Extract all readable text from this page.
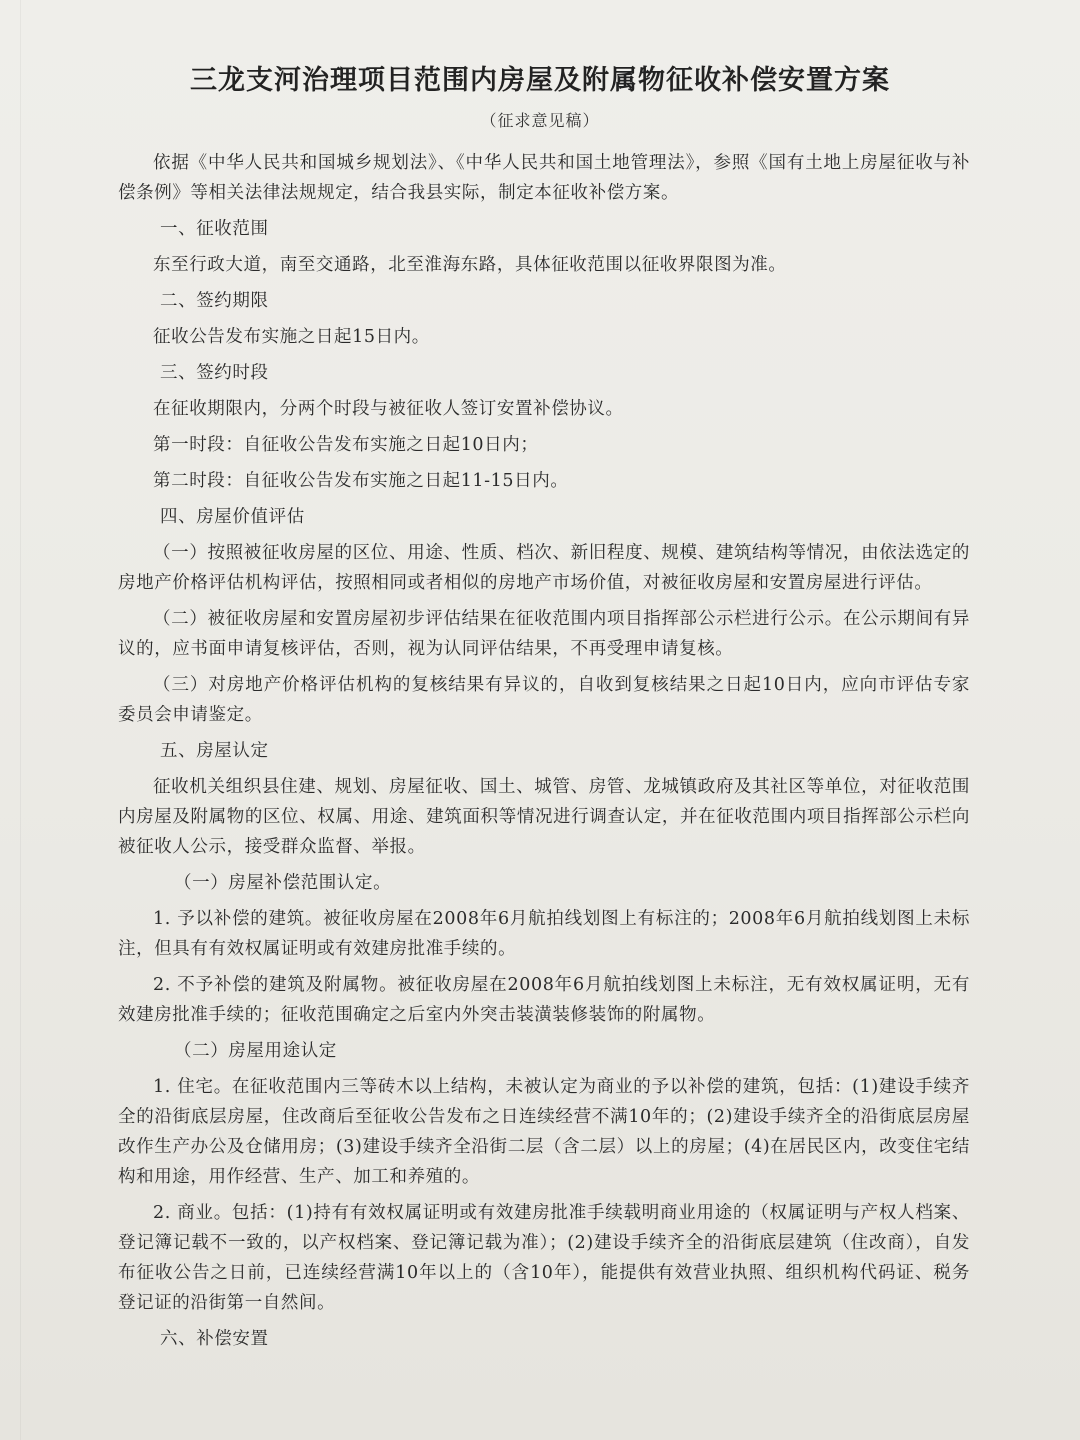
三龙支河治理项目范围内房屋及附属物征收补偿安置方案
（征求意见稿）
依据《中华人民共和国城乡规划法》、《中华人民共和国土地管理法》，参照《国有土地上房屋征收与补偿条例》等相关法律法规规定，结合我县实际，制定本征收补偿方案。
一、征收范围
东至行政大道，南至交通路，北至淮海东路，具体征收范围以征收界限图为准。
二、签约期限
征收公告发布实施之日起15日内。
三、签约时段
在征收期限内，分两个时段与被征收人签订安置补偿协议。
第一时段：自征收公告发布实施之日起10日内；
第二时段：自征收公告发布实施之日起11-15日内。
四、房屋价值评估
（一）按照被征收房屋的区位、用途、性质、档次、新旧程度、规模、建筑结构等情况，由依法选定的房地产价格评估机构评估，按照相同或者相似的房地产市场价值，对被征收房屋和安置房屋进行评估。
（二）被征收房屋和安置房屋初步评估结果在征收范围内项目指挥部公示栏进行公示。在公示期间有异议的，应书面申请复核评估，否则，视为认同评估结果，不再受理申请复核。
（三）对房地产价格评估机构的复核结果有异议的，自收到复核结果之日起10日内，应向市评估专家委员会申请鉴定。
五、房屋认定
征收机关组织县住建、规划、房屋征收、国土、城管、房管、龙城镇政府及其社区等单位，对征收范围内房屋及附属物的区位、权属、用途、建筑面积等情况进行调查认定，并在征收范围内项目指挥部公示栏向被征收人公示，接受群众监督、举报。
（一）房屋补偿范围认定。
1. 予以补偿的建筑。被征收房屋在2008年6月航拍线划图上有标注的；2008年6月航拍线划图上未标注，但具有有效权属证明或有效建房批准手续的。
2. 不予补偿的建筑及附属物。被征收房屋在2008年6月航拍线划图上未标注，无有效权属证明，无有效建房批准手续的；征收范围确定之后室内外突击装潢装修装饰的附属物。
（二）房屋用途认定
1. 住宅。在征收范围内三等砖木以上结构，未被认定为商业的予以补偿的建筑，包括：(1)建设手续齐全的沿街底层房屋，住改商后至征收公告发布之日连续经营不满10年的；(2)建设手续齐全的沿街底层房屋改作生产办公及仓储用房；(3)建设手续齐全沿街二层（含二层）以上的房屋；(4)在居民区内，改变住宅结构和用途，用作经营、生产、加工和养殖的。
2. 商业。包括：(1)持有有效权属证明或有效建房批准手续载明商业用途的（权属证明与产权人档案、登记簿记载不一致的，以产权档案、登记簿记载为准）；(2)建设手续齐全的沿街底层建筑（住改商），自发布征收公告之日前，已连续经营满10年以上的（含10年），能提供有效营业执照、组织机构代码证、税务登记证的沿街第一自然间。
六、补偿安置
